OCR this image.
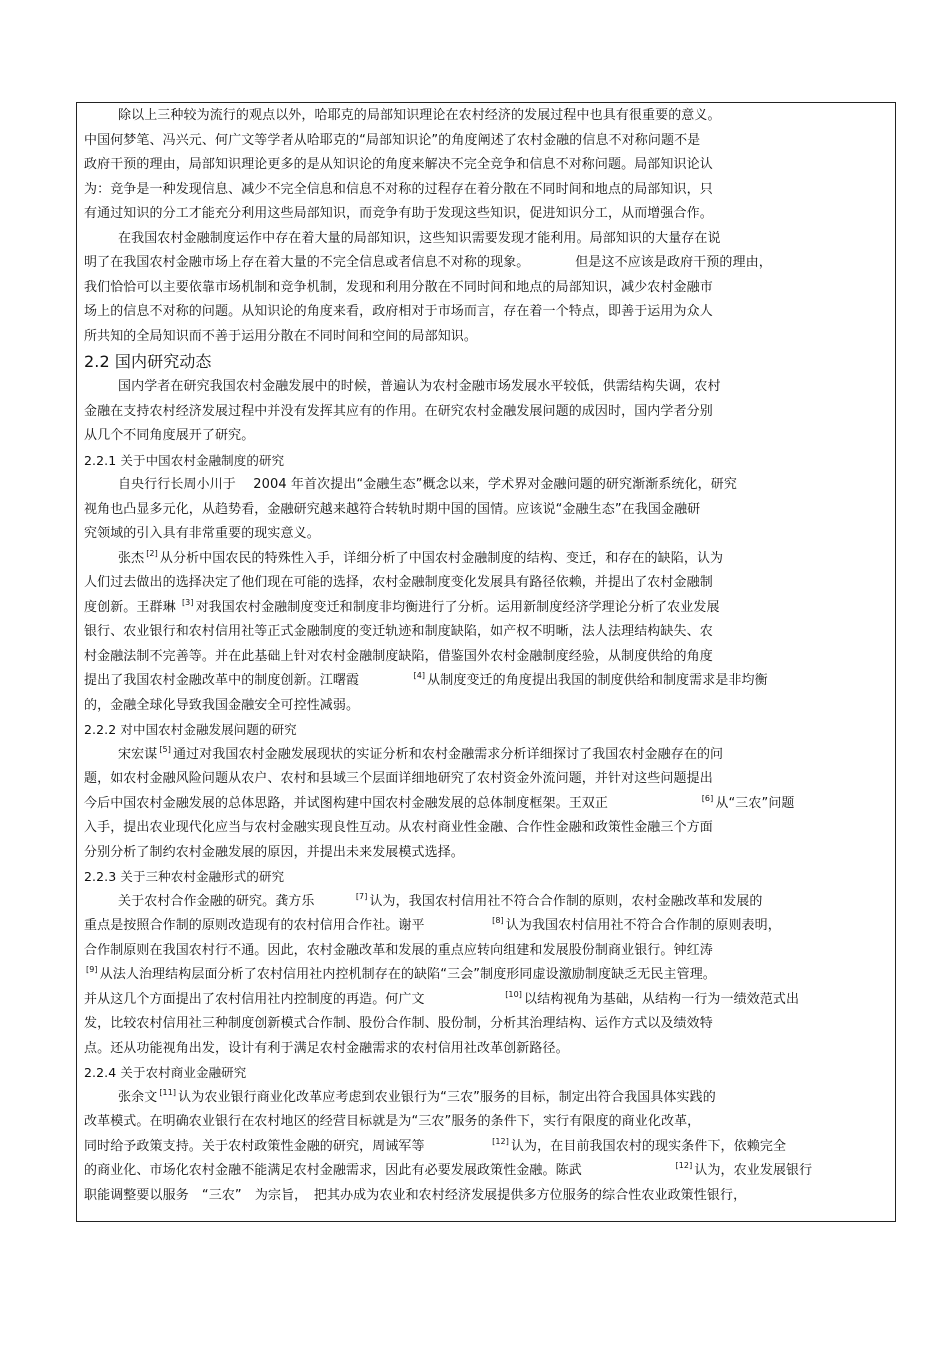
除以上三种较为流行的观点以外，哈耶克的局部知识理论在农村经济的发展过程中也具有很重要的意义。
中国何梦笔、冯兴元、何广文等学者从哈耶克的“局部知识论”的角度阐述了农村金融的信息不对称问题不是
政府干预的理由，局部知识理论更多的是从知识论的角度来解决不完全竞争和信息不对称问题。局部知识论认
为：竞争是一种发现信息、减少不完全信息和信息不对称的过程存在着分散在不同时间和地点的局部知识，只
有通过知识的分工才能充分利用这些局部知识，而竞争有助于发现这些知识，促进知识分工，从而增强合作。
在我国农村金融制度运作中存在着大量的局部知识，这些知识需要发现才能利用。局部知识的大量存在说
明了在我国农村金融市场上存在着大量的不完全信息或者信息不对称的现象。　　　　但是这不应该是政府干预的理由，
我们恰恰可以主要依靠市场机制和竞争机制，发现和利用分散在不同时间和地点的局部知识，减少农村金融市
场上的信息不对称的问题。从知识论的角度来看，政府相对于市场而言，存在着一个特点，即善于运用为众人
所共知的全局知识而不善于运用分散在不同时间和空间的局部知识。
2.2 国内研究动态
国内学者在研究我国农村金融发展中的时候，普遍认为农村金融市场发展水平较低，供需结构失调，农村
金融在支持农村经济发展过程中并没有发挥其应有的作用。在研究农村金融发展问题的成因时，国内学者分别
从几个不同角度展开了研究。
2.2.1 关于中国农村金融制度的研究
自央行行长周小川于　 2004 年首次提出“金融生态”概念以来，学术界对金融问题的研究渐渐系统化，研究
视角也凸显多元化，从趋势看，金融研究越来越符合转轨时期中国的国情。应该说“金融生态”在我国金融研
究领域的引入具有非常重要的现实意义。
张杰 [2] 从分析中国农民的特殊性入手，详细分析了中国农村金融制度的结构、变迁，和存在的缺陷，认为
人们过去做出的选择决定了他们现在可能的选择，农村金融制度变化发展具有路径依赖，并提出了农村金融制
度创新。王群琳 [3] 对我国农村金融制度变迁和制度非均衡进行了分析。运用新制度经济学理论分析了农业发展
银行、农业银行和农村信用社等正式金融制度的变迁轨迹和制度缺陷，如产权不明晰，法人法理结构缺失、农
村金融法制不完善等。并在此基础上针对农村金融制度缺陷，借鉴国外农村金融制度经验，从制度供给的角度
提出了我国农村金融改革中的制度创新。江曙霞　　　　[4] 从制度变迁的角度提出我国的制度供给和制度需求是非均衡
的，金融全球化导致我国金融安全可控性减弱。
2.2.2 对中国农村金融发展问题的研究
宋宏谋 [5] 通过对我国农村金融发展现状的实证分析和农村金融需求分析详细探讨了我国农村金融存在的问
题，如农村金融风险问题从农户、农村和县域三个层面详细地研究了农村资金外流问题，并针对这些问题提出
今后中国农村金融发展的总体思路，并试图构建中国农村金融发展的总体制度框架。王双正　　　　　　　[6] 从“三农”问题
入手，提出农业现代化应当与农村金融实现良性互动。从农村商业性金融、合作性金融和政策性金融三个方面
分别分析了制约农村金融发展的原因，并提出未来发展模式选择。
2.2.3 关于三种农村金融形式的研究
关于农村合作金融的研究。龚方乐　　　[7] 认为，我国农村信用社不符合合作制的原则，农村金融改革和发展的
重点是按照合作制的原则改造现有的农村信用合作社。谢平　　　　　[8] 认为我国农村信用社不符合合作制的原则表明，
合作制原则在我国农村行不通。因此，农村金融改革和发展的重点应转向组建和发展股份制商业银行。钟红涛
[9] 从法人治理结构层面分析了农村信用社内控机制存在的缺陷“三会”制度形同虚设激励制度缺乏无民主管理。
并从这几个方面提出了农村信用社内控制度的再造。何广文　　　　　　[10] 以结构视角为基础，从结构一行为一绩效范式出
发，比较农村信用社三种制度创新模式合作制、股份合作制、股份制，分析其治理结构、运作方式以及绩效特
点。还从功能视角出发，设计有利于满足农村金融需求的农村信用社改革创新路径。
2.2.4 关于农村商业金融研究
张余文 [11] 认为农业银行商业化改革应考虑到农业银行为“三农”服务的目标，制定出符合我国具体实践的
改革模式。在明确农业银行在农村地区的经营目标就是为“三农”服务的条件下，实行有限度的商业化改革，
同时给予政策支持。关于农村政策性金融的研究，周诫军等　　　　　[12] 认为，在目前我国农村的现实条件下，依赖完全
的商业化、市场化农村金融不能满足农村金融需求，因此有必要发展政策性金融。陈武　　　　　　　[12] 认为，农业发展银行
职能调整要以服务　“三农”　为宗旨，　把其办成为农业和农村经济发展提供多方位服务的综合性农业政策性银行，
